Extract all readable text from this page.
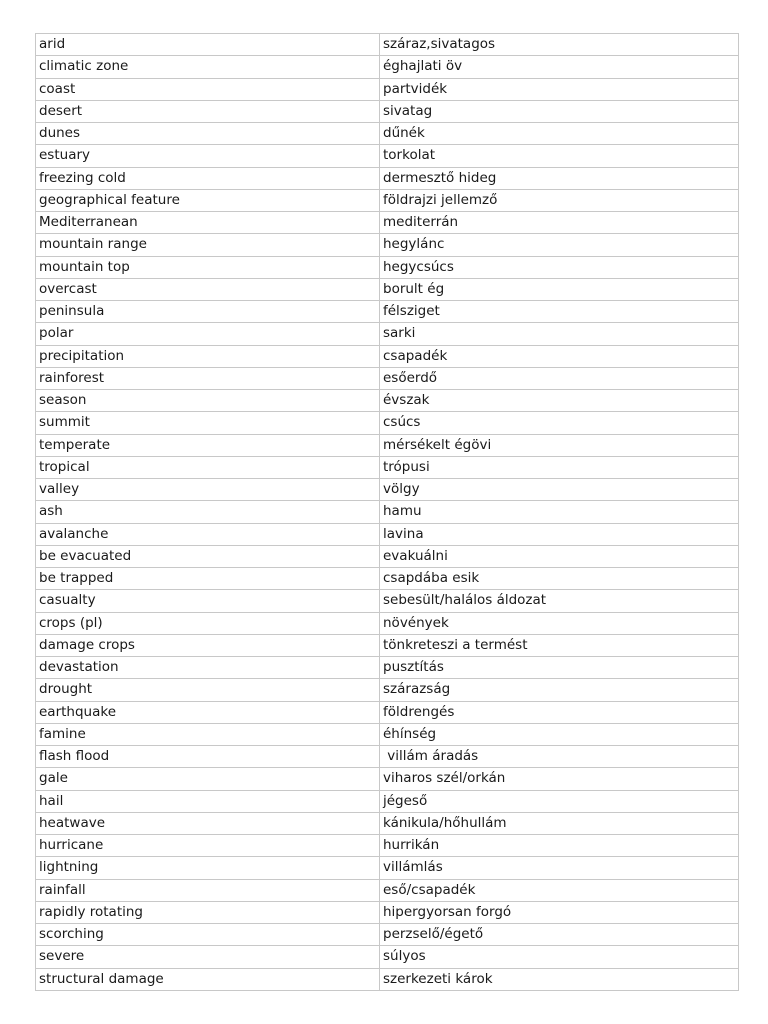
arid	száraz,sivatagos
climatic zone	éghajlati öv
coast	partvidék
desert	sivatag
dunes	dűnék
estuary	torkolat
freezing cold	dermesztő hideg
geographical feature	földrajzi jellemző
Mediterranean	mediterrán
mountain range	hegylánc
mountain top	hegycsúcs
overcast	borult ég
peninsula	félsziget
polar	sarki
precipitation	csapadék
rainforest	esőerdő
season	évszak
summit	csúcs
temperate	mérsékelt égövi
tropical	trópusi
valley	völgy
ash	hamu
avalanche	lavina
be evacuated	evakuálni
be trapped	csapdába esik
casualty	sebesült/halálos áldozat
crops (pl)	növények
damage crops	tönkreteszi a termést
devastation	pusztítás
drought	szárazság
earthquake	földrengés
famine	éhínség
flash flood	villám áradás
gale	viharos szél/orkán
hail	jégeső
heatwave	kánikula/hőhullám
hurricane	hurrikán
lightning	villámlás
rainfall	eső/csapadék
rapidly rotating	hipergyorsan forgó
scorching	perzselő/égető
severe	súlyos
structural damage	szerkezeti károk
